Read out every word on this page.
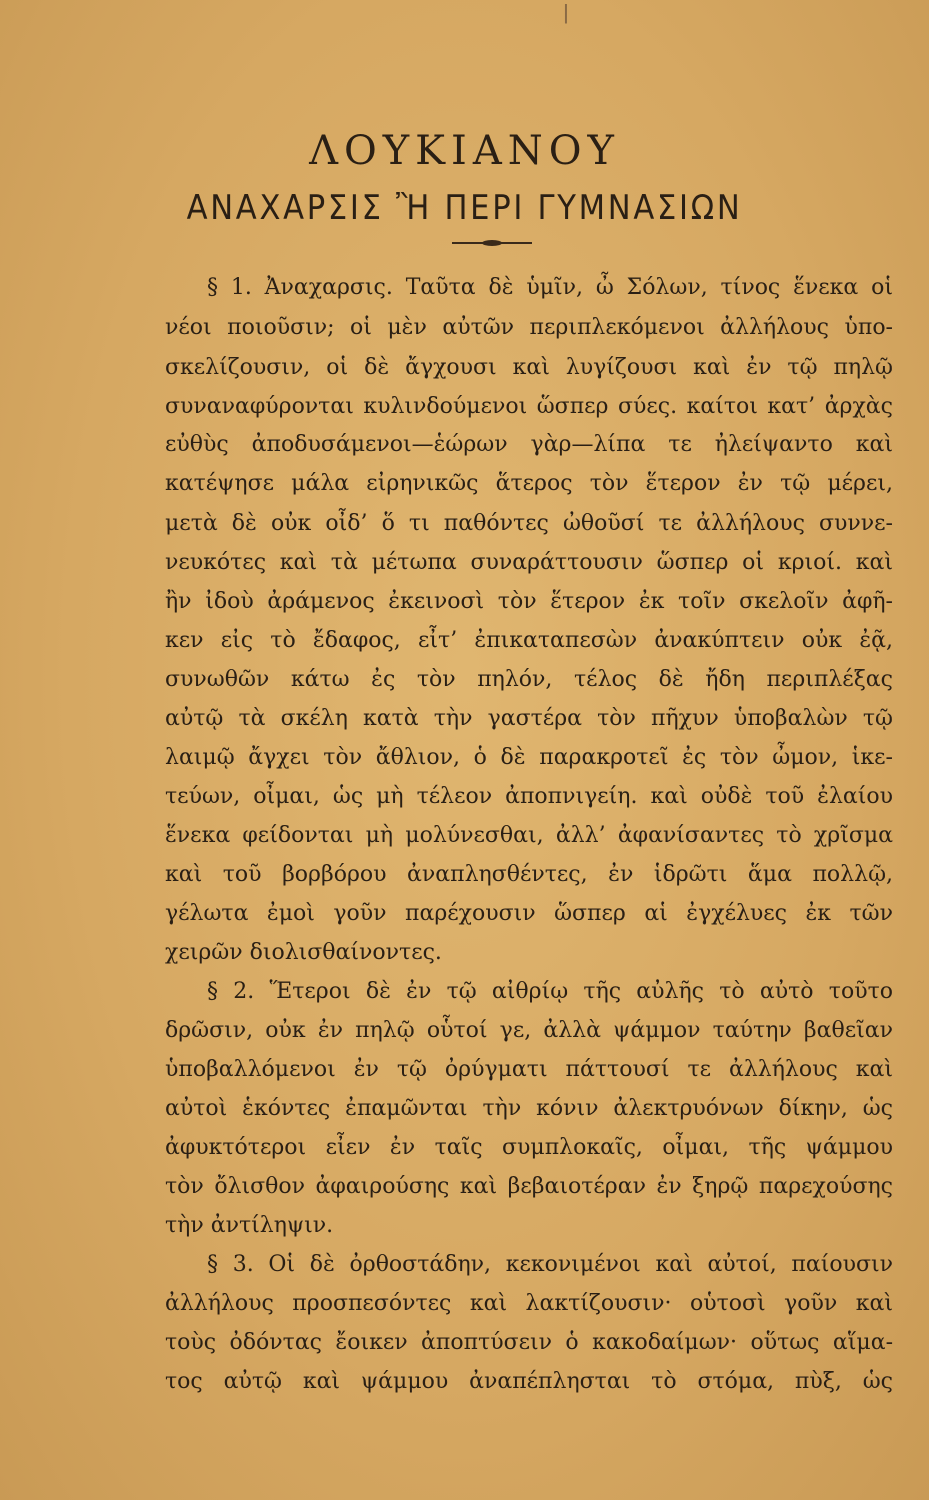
ǀ
ΛΟΥΚΙΑΝΟΥ
ΑΝΑΧΑΡΣΙΣ Ἢ ΠΕΡΙ ΓΥΜΝΑΣΙΩΝ
§ 1. Ἀναχαρσις. Ταῦτα δὲ ὑμῖν, ὦ Σόλων, τίνος ἕνεκα οἱ
νέοι ποιοῦσιν; οἱ μὲν αὐτῶν περιπλεκόμενοι ἀλλήλους ὑπο-
σκελίζουσιν, οἱ δὲ ἄγχουσι καὶ λυγίζουσι καὶ ἐν τῷ πηλῷ
συναναφύρονται κυλινδούμενοι ὥσπερ σύες. καίτοι κατ’ ἀρχὰς
εὐθὺς ἀποδυσάμενοι—ἑώρων γὰρ—λίπα τε ἠλείψαντο καὶ
κατέψησε μάλα εἰρηνικῶς ἅτερος τὸν ἕτερον ἐν τῷ μέρει,
μετὰ δὲ οὐκ οἶδ’ ὅ τι παθόντες ὠθοῦσί τε ἀλλήλους συννε-
νευκότες καὶ τὰ μέτωπα συναράττουσιν ὥσπερ οἱ κριοί. καὶ
ἢν ἰδοὺ ἀράμενος ἐκεινοσὶ τὸν ἕτερον ἐκ τοῖν σκελοῖν ἀφῆ-
κεν εἰς τὸ ἔδαφος, εἶτ’ ἐπικαταπεσὼν ἀνακύπτειν οὐκ ἐᾷ,
συνωθῶν κάτω ἐς τὸν πηλόν, τέλος δὲ ἤδη περιπλέξας
αὐτῷ τὰ σκέλη κατὰ τὴν γαστέρα τὸν πῆχυν ὑποβαλὼν τῷ
λαιμῷ ἄγχει τὸν ἄθλιον, ὁ δὲ παρακροτεῖ ἐς τὸν ὦμον, ἱκε-
τεύων, οἶμαι, ὡς μὴ τέλεον ἀποπνιγείη. καὶ οὐδὲ τοῦ ἐλαίου
ἕνεκα φείδονται μὴ μολύνεσθαι, ἀλλ’ ἀφανίσαντες τὸ χρῖσμα
καὶ τοῦ βορβόρου ἀναπλησθέντες, ἐν ἱδρῶτι ἅμα πολλῷ,
γέλωτα ἐμοὶ γοῦν παρέχουσιν ὥσπερ αἱ ἐγχέλυες ἐκ τῶν
χειρῶν διολισθαίνοντες.
§ 2. Ἕτεροι δὲ ἐν τῷ αἰθρίῳ τῆς αὐλῆς τὸ αὐτὸ τοῦτο
δρῶσιν, οὐκ ἐν πηλῷ οὗτοί γε, ἀλλὰ ψάμμον ταύτην βαθεῖαν
ὑποβαλλόμενοι ἐν τῷ ὀρύγματι πάττουσί τε ἀλλήλους καὶ
αὐτοὶ ἑκόντες ἐπαμῶνται τὴν κόνιν ἀλεκτρυόνων δίκην, ὡς
ἀφυκτότεροι εἶεν ἐν ταῖς συμπλοκαῖς, οἶμαι, τῆς ψάμμου
τὸν ὄλισθον ἀφαιρούσης καὶ βεβαιοτέραν ἐν ξηρῷ παρεχούσης
τὴν ἀντίληψιν.
§ 3. Οἱ δὲ ὀρθοστάδην, κεκονιμένοι καὶ αὐτοί, παίουσιν
ἀλλήλους προσπεσόντες καὶ λακτίζουσιν· οὑτοσὶ γοῦν καὶ
τοὺς ὀδόντας ἔοικεν ἀποπτύσειν ὁ κακοδαίμων· οὕτως αἵμα-
τος αὐτῷ καὶ ψάμμου ἀναπέπλησται τὸ στόμα, πὺξ, ὡς
